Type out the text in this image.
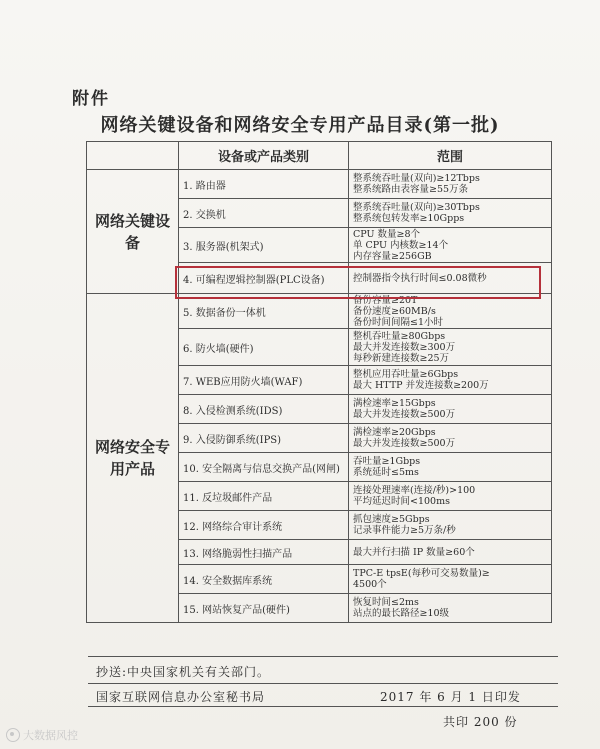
附件
网络关键设备和网络安全专用产品目录(第一批)
	设备或产品类别	范围
网络关键设备	1. 路由器	整系统吞吐量(双向)≥12Tbps
整系统路由表容量≥55万条

	2. 交换机	整系统吞吐量(双向)≥30Tbps
整系统包转发率≥10Gpps

	3. 服务器(机架式)	CPU 数量≥8个
单 CPU 内核数≥14个
内存容量≥256GB

	4. 可编程逻辑控制器(PLC设备)	控制器指令执行时间≤0.08微秒

网络安全专用产品	5. 数据备份一体机	备份容量≥20T
备份速度≥60MB/s
备份时间间隔≤1小时

	6. 防火墙(硬件)	整机吞吐量≥80Gbps
最大并发连接数≥300万
每秒新建连接数≥25万

	7. WEB应用防火墙(WAF)	整机应用吞吐量≥6Gbps
最大 HTTP 并发连接数≥200万

	8. 入侵检测系统(IDS)	满检速率≥15Gbps
最大并发连接数≥500万

	9. 入侵防御系统(IPS)	满检速率≥20Gbps
最大并发连接数≥500万

	10. 安全隔离与信息交换产品(网闸)	吞吐量≥1Gbps
系统延时≤5ms

	11. 反垃圾邮件产品	连接处理速率(连接/秒)>100
平均延迟时间<100ms

	12. 网络综合审计系统	抓包速度≥5Gbps
记录事件能力≥5万条/秒

	13. 网络脆弱性扫描产品	最大并行扫描 IP 数量≥60个

	14. 安全数据库系统	TPC-E tpsE(每秒可交易数量)≥
4500个

	15. 网站恢复产品(硬件)	恢复时间≤2ms
站点的最长路径≥10级
抄送:中央国家机关有关部门。
国家互联网信息办公室秘书局	2017 年 6 月 1 日印发
共印 200 份
大数据风控
